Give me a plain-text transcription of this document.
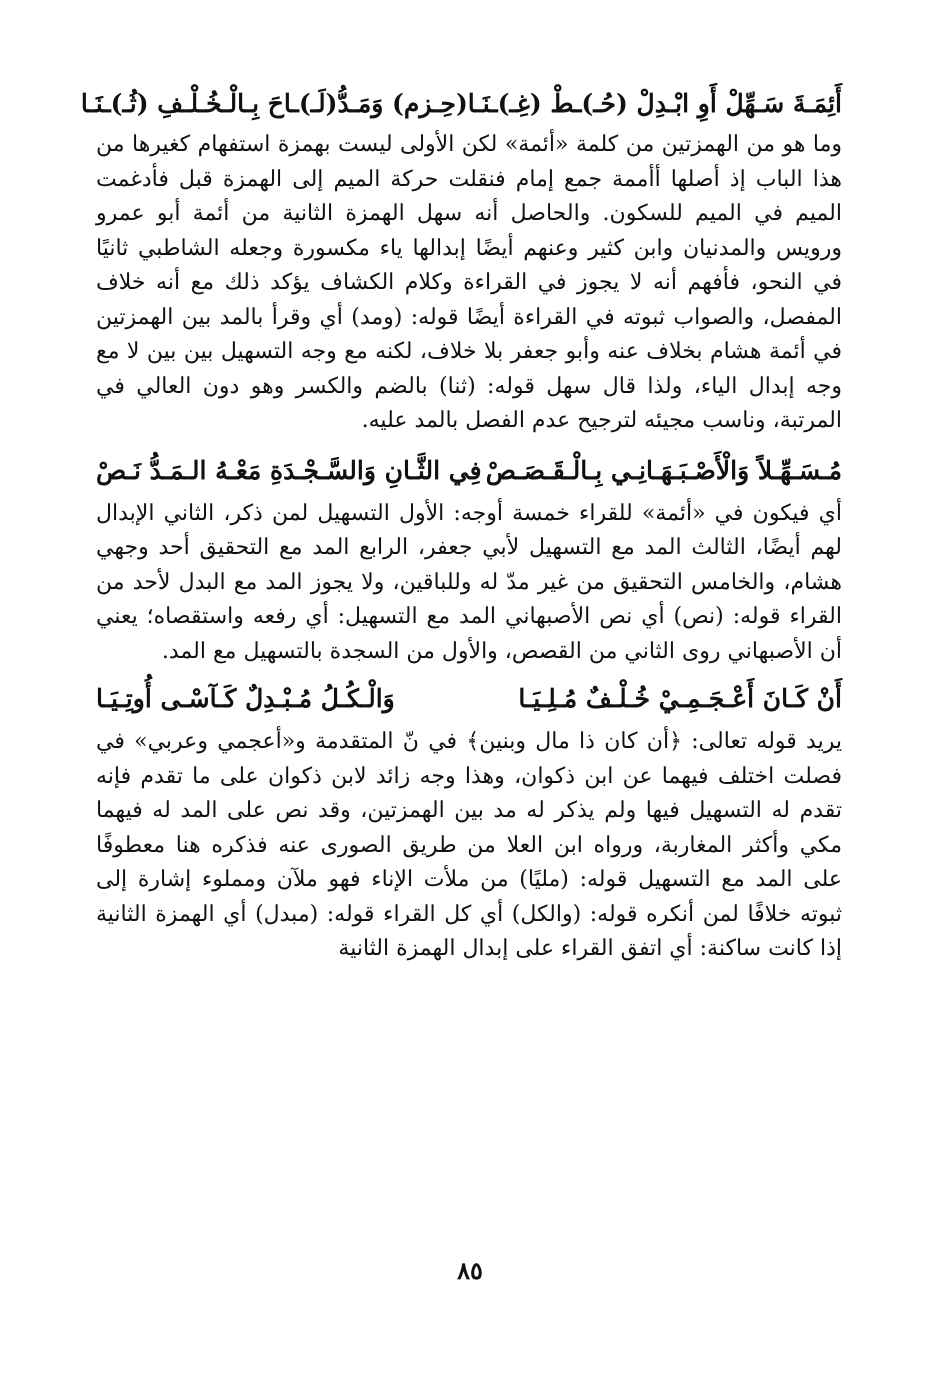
أَئِمَـةَ سَـهِّلْ أَوِ ابْـدِلْ (حُـ)ـطْ (غِـ)ـنَـا
(حِـزم) وَمَـدُّ(لَـ)ـاحَ بِـالْـخُـلْـفِ (ثُـ)ـنَـا

وما هو من الهمزتين من كلمة «أئمة» لكن الأولى ليست بهمزة استفهام كغيرها من هذا الباب إذ أصلها أأممة جمع إمام فنقلت حركة الميم إلى الهمزة قبل فأدغمت الميم في الميم للسكون. والحاصل أنه سهل الهمزة الثانية من أئمة أبو عمرو ورويس والمدنيان وابن كثير وعنهم أيضًا إبدالها ياء مكسورة وجعله الشاطبي ثانيًا في النحو، فأفهم أنه لا يجوز في القراءة وكلام الكشاف يؤكد ذلك مع أنه خلاف المفصل، والصواب ثبوته في القراءة أيضًا قوله: (ومد) أي وقرأ بالمد بين الهمزتين في أئمة هشام بخلاف عنه وأبو جعفر بلا خلاف، لكنه مع وجه التسهيل بين بين لا مع وجه إبدال الياء، ولذا قال سهل قوله: (ثنا) بالضم والكسر وهو دون العالي في المرتبة، وناسب مجيئه لترجيح عدم الفصل بالمد عليه.

مُـسَـهِّـلاً وَالْأَصْـبَـهَـانِـي بِـالْـقَـصَـصْ
فِي الثَّـانِ وَالسَّـجْـدَةِ مَعْـهُ الـمَـدُّ نَـصْ

أي فيكون في «أئمة» للقراء خمسة أوجه: الأول التسهيل لمن ذكر، الثاني الإبدال لهم أيضًا، الثالث المد مع التسهيل لأبي جعفر، الرابع المد مع التحقيق أحد وجهي هشام، والخامس التحقيق من غير مدّ له وللباقين، ولا يجوز المد مع البدل لأحد من القراء قوله: (نص) أي نص الأصبهاني المد مع التسهيل: أي رفعه واستقصاه؛ يعني أن الأصبهاني روى الثاني من القصص، والأول من السجدة بالتسهيل مع المد.

أَنْ كَـانَ أَعْـجَـمِـيْ خُـلْـفٌ مُـلِـيَـا
وَالْـكُـلُ مُـبْـدِلٌ كَـآسْـى أُوتِـيَـا

يريد قوله تعالى: ﴿أن كان ذا مال وبنين﴾ في نّ المتقدمة و«أعجمي وعربي» في فصلت اختلف فيهما عن ابن ذكوان، وهذا وجه زائد لابن ذكوان على ما تقدم فإنه تقدم له التسهيل فيها ولم يذكر له مد بين الهمزتين، وقد نص على المد له فيهما مكي وأكثر المغاربة، ورواه ابن العلا من طريق الصورى عنه فذكره هنا معطوفًا على المد مع التسهيل قوله: (مليًا) من ملأت الإناء فهو ملآن ومملوء إشارة إلى ثبوته خلافًا لمن أنكره قوله: (والكل) أي كل القراء قوله: (مبدل) أي الهمزة الثانية إذا كانت ساكنة: أي اتفق القراء على إبدال الهمزة الثانية

٨٥
